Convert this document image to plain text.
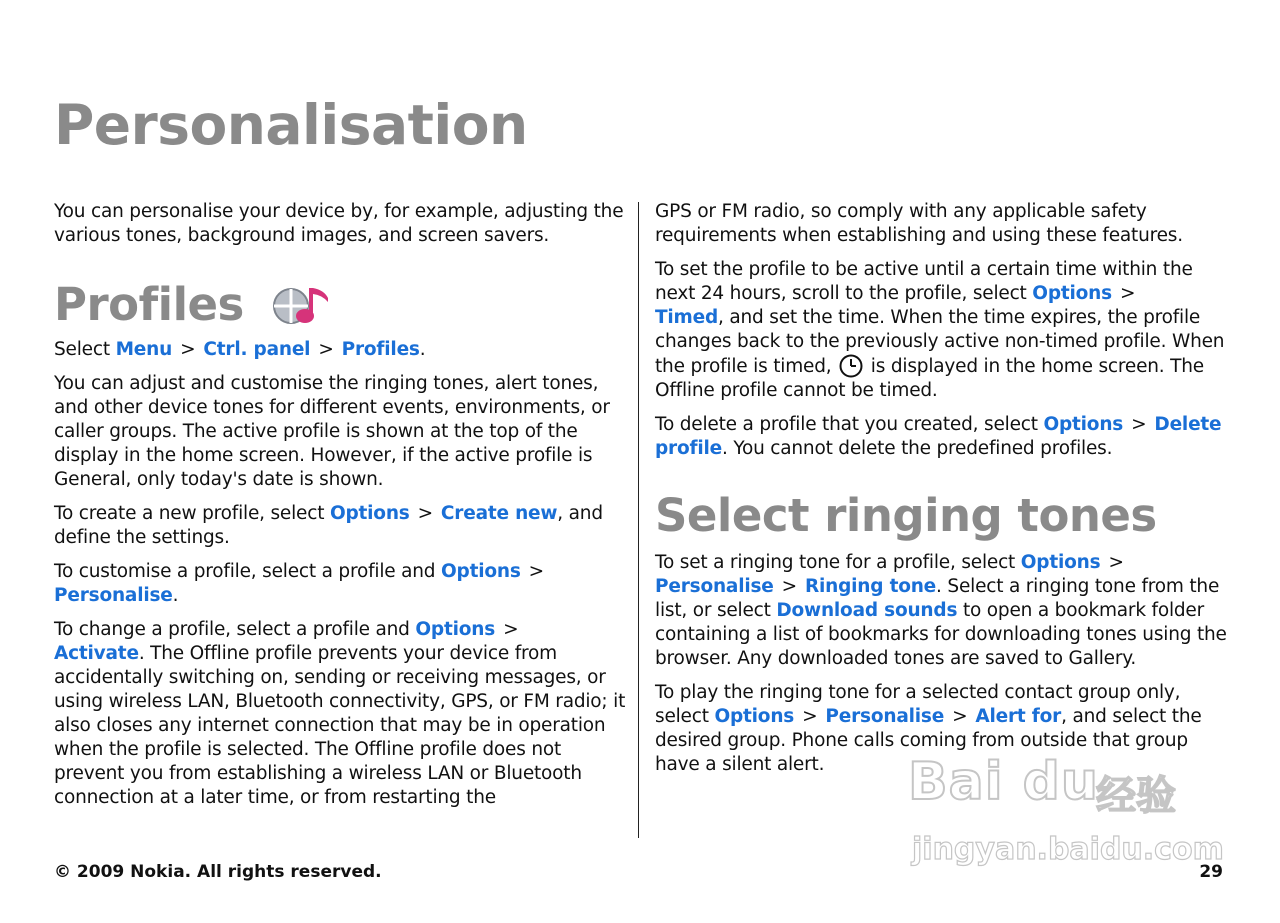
Personalisation

You can personalise your device by, for example, adjusting the various tones, background images, and screen savers.

Profiles

Select Menu > Ctrl. panel > Profiles.

You can adjust and customise the ringing tones, alert tones, and other device tones for different events, environments, or caller groups. The active profile is shown at the top of the display in the home screen. However, if the active profile is General, only today's date is shown.

To create a new profile, select Options > Create new, and define the settings.

To customise a profile, select a profile and Options >
Personalise.

To change a profile, select a profile and Options >
Activate. The Offline profile prevents your device from accidentally switching on, sending or receiving messages, or using wireless LAN, Bluetooth connectivity, GPS, or FM radio; it also closes any internet connection that may be in operation when the profile is selected. The Offline profile does not prevent you from establishing a wireless LAN or Bluetooth connection at a later time, or from restarting the

GPS or FM radio, so comply with any applicable safety requirements when establishing and using these features.

To set the profile to be active until a certain time within the next 24 hours, scroll to the profile, select Options >
Timed, and set the time. When the time expires, the profile changes back to the previously active non-timed profile. When the profile is timed,  is displayed in the home screen. The Offline profile cannot be timed.

To delete a profile that you created, select Options > Delete profile. You cannot delete the predefined profiles.

Select ringing tones

To set a ringing tone for a profile, select Options >
Personalise > Ringing tone. Select a ringing tone from the list, or select Download sounds to open a bookmark folder containing a list of bookmarks for downloading tones using the browser. Any downloaded tones are saved to Gallery.

To play the ringing tone for a selected contact group only, select Options > Personalise > Alert for, and select the desired group. Phone calls coming from outside that group have a silent alert.

© 2009 Nokia. All rights reserved.	29
Bai du
经验
jingyan.baidu.com
